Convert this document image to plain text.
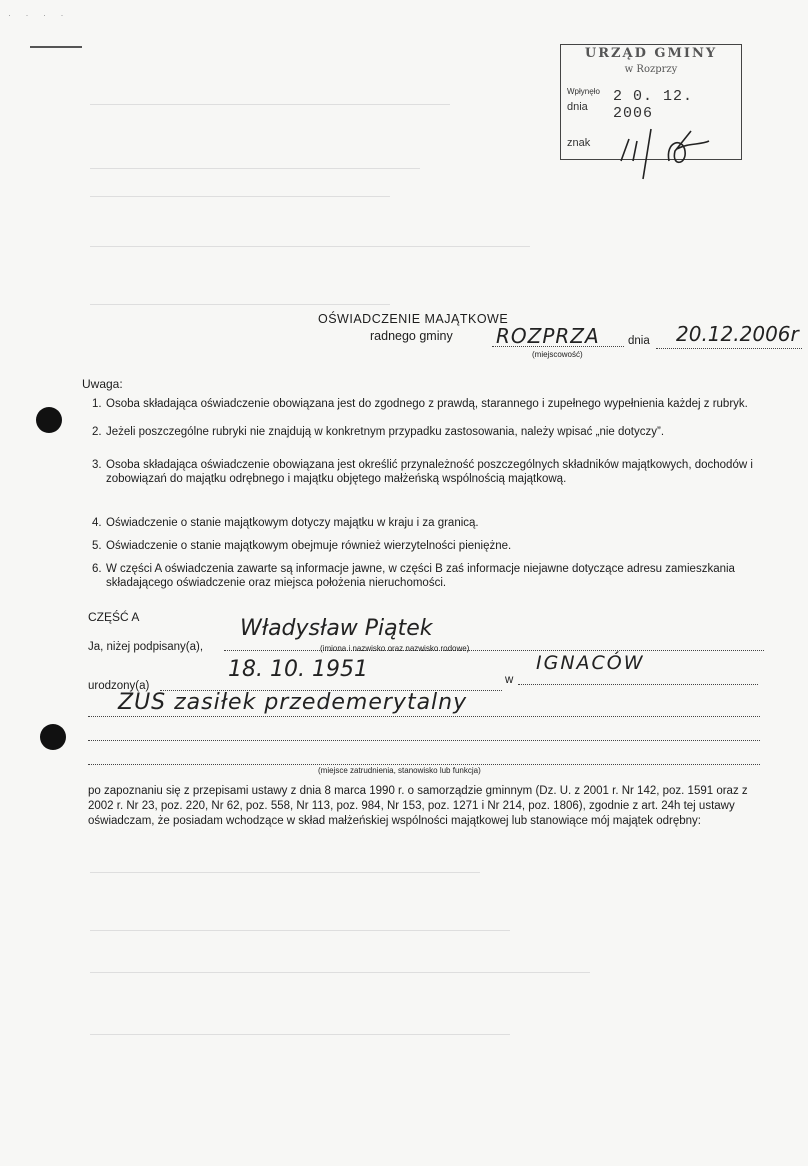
· · · ·
URZĄD GMINY
w Rozprzy
Wpłynęło
dnia
2 0. 12. 2006
znak
OŚWIADCZENIE MAJĄTKOWE
radnego gminy ROZPRZA dnia 20.12.2006r
(miejscowość)
Uwaga:
1. Osoba składająca oświadczenie obowiązana jest do zgodnego z prawdą, starannego i zupełnego wypełnienia każdej z rubryk.
2. Jeżeli poszczególne rubryki nie znajdują w konkretnym przypadku zastosowania, należy wpisać „nie dotyczy”.
3. Osoba składająca oświadczenie obowiązana jest określić przynależność poszczególnych składników majątkowych, dochodów i zobowiązań do majątku odrębnego i majątku objętego małżeńską wspólnością majątkową.
4. Oświadczenie o stanie majątkowym dotyczy majątku w kraju i za granicą.
5. Oświadczenie o stanie majątkowym obejmuje również wierzytelności pieniężne.
6. W części A oświadczenia zawarte są informacje jawne, w części B zaś informacje niejawne dotyczące adresu zamieszkania składającego oświadczenie oraz miejsca położenia nieruchomości.
CZĘŚĆ A
Ja, niżej podpisany(a),
Władysław Piątek
(imiona i nazwisko oraz nazwisko rodowe)
urodzony(a)
18. 10. 1951	w
IGNACÓW
ZUS zasiłek przedemerytalny
(miejsce zatrudnienia, stanowisko lub funkcja)
po zapoznaniu się z przepisami ustawy z dnia 8 marca 1990 r. o samorządzie gminnym (Dz. U. z 2001 r. Nr 142, poz. 1591 oraz z 2002 r. Nr 23, poz. 220, Nr 62, poz. 558, Nr 113, poz. 984, Nr 153, poz. 1271 i Nr 214, poz. 1806), zgodnie z art. 24h tej ustawy oświadczam, że posiadam wchodzące w skład małżeńskiej wspólności majątkowej lub stanowiące mój majątek odrębny:
